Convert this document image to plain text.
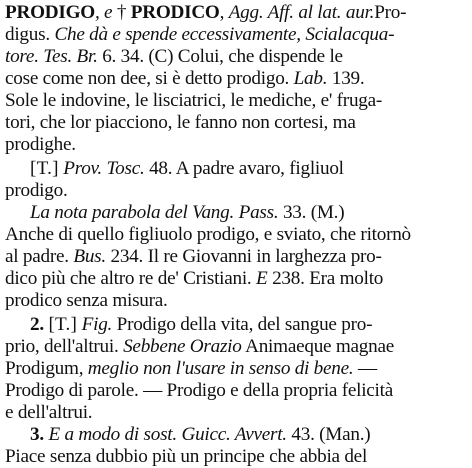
PRODIGO, e † PRODICO, Agg. Aff. al lat. aur.Pro-
digus. Che dà e spende eccessivamente, Scialacqua-
tore. Tes. Br. 6. 34. (C) Colui, che dispende le
cose come non dee, si è detto prodigo. Lab. 139.
Sole le indovine, le lisciatrici, le mediche, e' fruga-
tori, che lor piacciono, le fanno non cortesi, ma
prodighe.
[T.] Prov. Tosc. 48. A padre avaro, figliuol
prodigo.
La nota parabola del Vang. Pass. 33. (M.)
Anche di quello figliuolo prodigo, e sviato, che ritornò
al padre. Bus. 234. Il re Giovanni in larghezza pro-
dico più che altro re de' Cristiani. E 238. Era molto
prodico senza misura.
2. [T.] Fig. Prodigo della vita, del sangue pro-
prio, dell'altrui. Sebbene Orazio Animaeque magnae
Prodigum, meglio non l'usare in senso di bene. —
Prodigo di parole. — Prodigo e della propria felicità
e dell'altrui.
3. E a modo di sost. Guicc. Avvert. 43. (Man.)
Piace senza dubbio più un principe che abbia del
